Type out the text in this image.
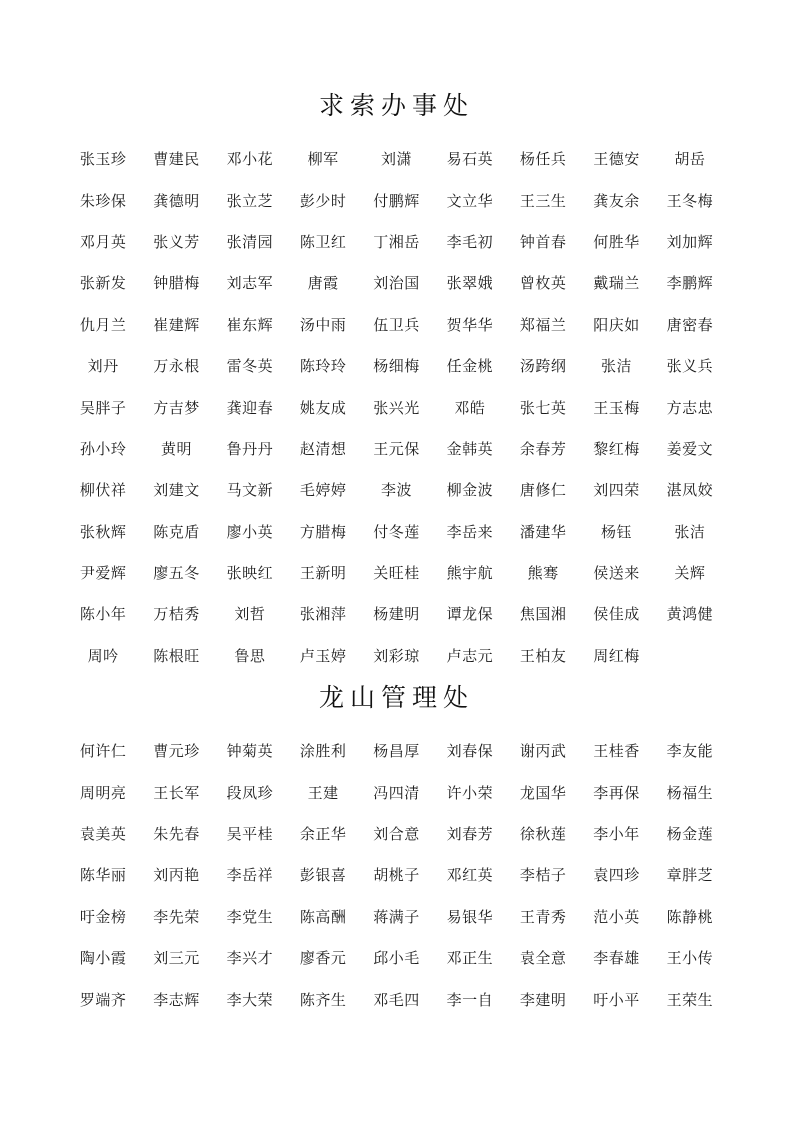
求索办事处
张玉珍	曹建民	邓小花	柳军	刘潇	易石英	杨任兵	王德安	胡岳
朱珍保	龚德明	张立芝	彭少时	付鹏辉	文立华	王三生	龚友余	王冬梅
邓月英	张义芳	张清园	陈卫红	丁湘岳	李毛初	钟首春	何胜华	刘加辉
张新发	钟腊梅	刘志军	唐霞	刘治国	张翠娥	曾枚英	戴瑞兰	李鹏辉
仇月兰	崔建辉	崔东辉	汤中雨	伍卫兵	贺华华	郑福兰	阳庆如	唐密春
刘丹	万永根	雷冬英	陈玲玲	杨细梅	任金桃	汤跨纲	张洁	张义兵
吴胖子	方吉梦	龚迎春	姚友成	张兴光	邓皓	张七英	王玉梅	方志忠
孙小玲	黄明	鲁丹丹	赵清想	王元保	金韩英	余春芳	黎红梅	姜爱文
柳伏祥	刘建文	马文新	毛婷婷	李波	柳金波	唐修仁	刘四荣	湛凤姣
张秋辉	陈克盾	廖小英	方腊梅	付冬莲	李岳来	潘建华	杨钰	张洁
尹爱辉	廖五冬	张映红	王新明	关旺桂	熊宇航	熊骞	侯送来	关辉
陈小年	万桔秀	刘哲	张湘萍	杨建明	谭龙保	焦国湘	侯佳成	黄鸿健
周吟	陈根旺	鲁思	卢玉婷	刘彩琼	卢志元	王柏友	周红梅
龙山管理处
何许仁	曹元珍	钟菊英	涂胜利	杨昌厚	刘春保	谢丙武	王桂香	李友能
周明亮	王长军	段凤珍	王建	冯四清	许小荣	龙国华	李再保	杨福生
袁美英	朱先春	吴平桂	余正华	刘合意	刘春芳	徐秋莲	李小年	杨金莲
陈华丽	刘丙艳	李岳祥	彭银喜	胡桃子	邓红英	李桔子	袁四珍	章胖芝
吁金榜	李先荣	李党生	陈高酬	蒋满子	易银华	王青秀	范小英	陈静桃
陶小霞	刘三元	李兴才	廖香元	邱小毛	邓正生	袁全意	李春雄	王小传
罗端齐	李志辉	李大荣	陈齐生	邓毛四	李一自	李建明	吁小平	王荣生
